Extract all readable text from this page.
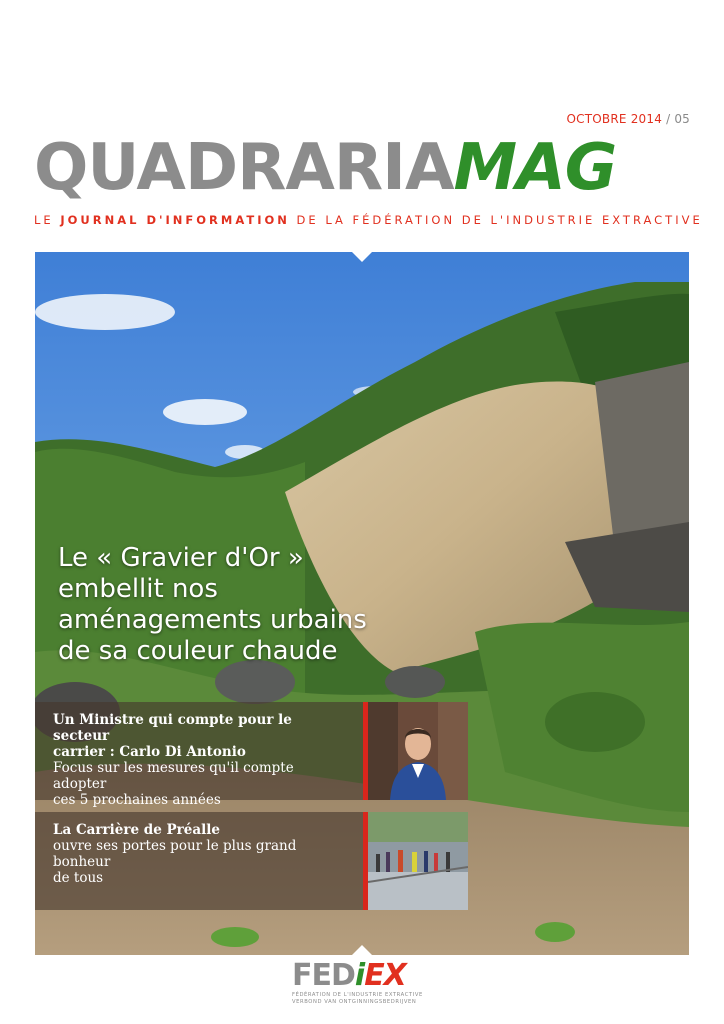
OCTOBRE 2014 / 05
QUADRARIAMAG
LE JOURNAL D'INFORMATION DE LA FÉDÉRATION DE L'INDUSTRIE EXTRACTIVE
Le « Gravier d'Or »
embellit nos
aménagements urbains
de sa couleur chaude
Un Ministre qui compte pour le secteur
carrier : Carlo Di Antonio
Focus sur les mesures qu'il compte adopter
ces 5 prochaines années
La Carrière de Préalle
ouvre ses portes pour le plus grand bonheur
de tous
FEDiEX
FÉDÉRATION DE L'INDUSTRIE EXTRACTIVE
VERBOND VAN ONTGINNINGSBEDRIJVEN
